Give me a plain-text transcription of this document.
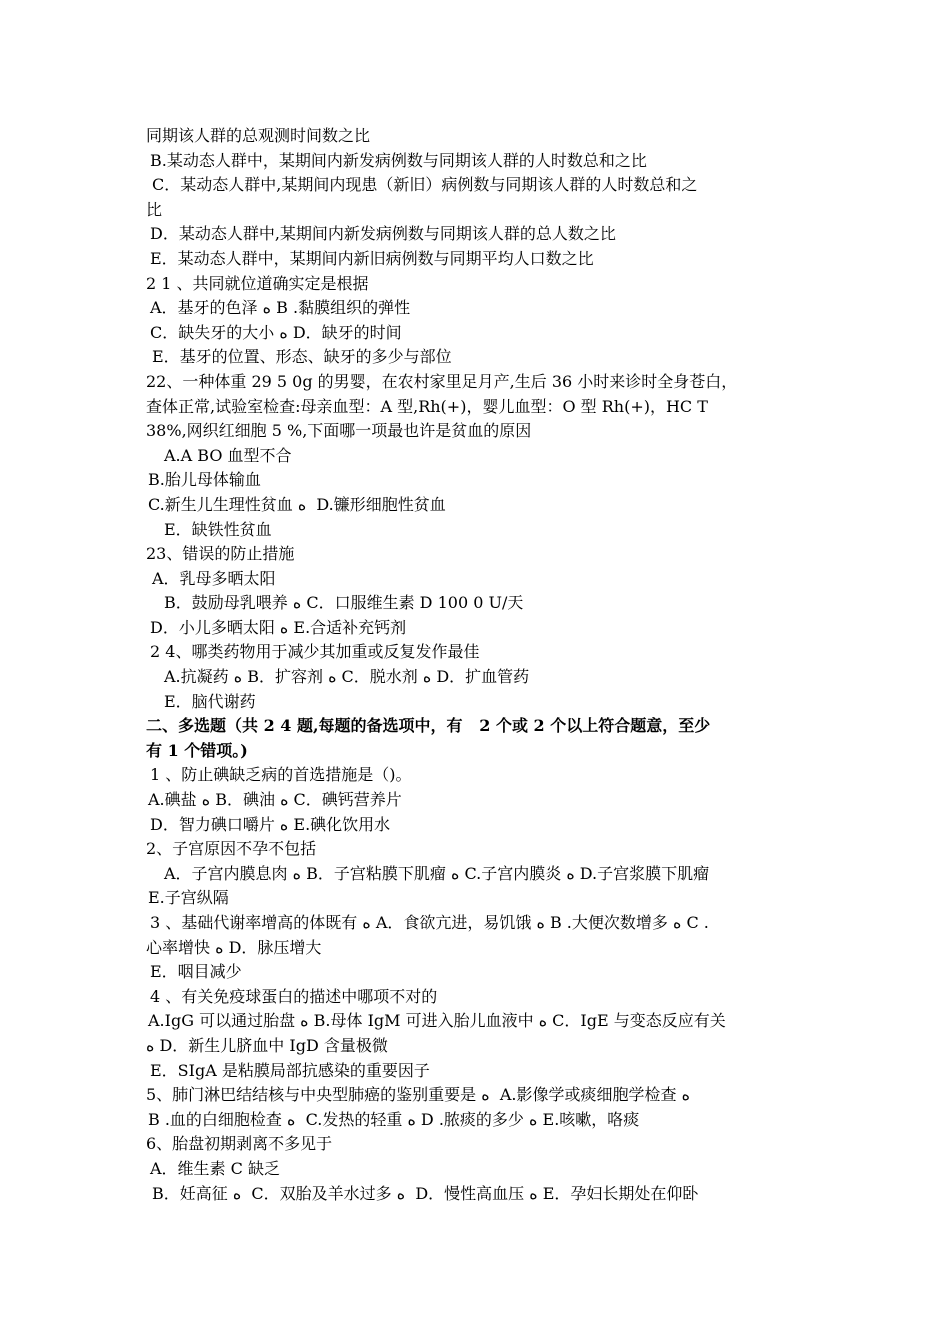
同期该人群的总观测时间数之比
B.某动态人群中，某期间内新发病例数与同期该人群的人时数总和之比
C．某动态人群中,某期间内现患（新旧）病例数与同期该人群的人时数总和之
比
D．某动态人群中,某期间内新发病例数与同期该人群的总人数之比
E．某动态人群中，某期间内新旧病例数与同期平均人口数之比
2 1 、共同就位道确实定是根据
A．基牙的色泽 ﻩ B .黏膜组织的弹性
C．缺失牙的大小 ﻩ D．缺牙的时间
E．基牙的位置、形态、缺牙的多少与部位
22、一种体重 29 5 0g 的男婴，在农村家里足月产,生后 36 小时来诊时全身苍白，
查体正常,试验室检查:母亲血型：A 型,Rh(+)，婴儿血型：O 型 Rh(+)，HC T
38%,网织红细胞 5 %,下面哪一项最也许是贫血的原因
A.A BO 血型不合
B.胎儿母体输血
C.新生儿生理性贫血 ﻩ  D.镰形细胞性贫血
E．缺铁性贫血
23、错误的防止措施
A．乳母多晒太阳
B．鼓励母乳喂养 ﻩ C．口服维生素 D 100 0 U/天
D．小儿多晒太阳 ﻩ E.合适补充钙剂
2 4、哪类药物用于减少其加重或反复发作最佳
A.抗凝药 ﻩ B．扩容剂 ﻩ C．脱水剂 ﻩ D．扩血管药
E．脑代谢药
二、多选题（共 2 4 题,每题的备选项中，有   2 个或 2 个以上符合题意，至少
有 1 个错项。)
1 、防止碘缺乏病的首选措施是（)。
A.碘盐 ﻩ B．碘油 ﻩ C．碘钙营养片
D．智力碘口嚼片 ﻩ E.碘化饮用水
2、子宫原因不孕不包括
A．子宫内膜息肉 ﻩ B．子宫粘膜下肌瘤 ﻩ C.子宫内膜炎 ﻩ D.子宫浆膜下肌瘤
E.子宫纵隔
3 、基础代谢率增高的体既有 ﻩ A．食欲亢进，易饥饿 ﻩ B .大便次数增多 ﻩ C .
心率增快 ﻩ D．脉压增大
E．咽目减少
4 、有关免疫球蛋白的描述中哪项不对的
A.IgG 可以通过胎盘 ﻩ B.母体 IgM 可进入胎儿血液中 ﻩ C．IgE 与变态反应有关
ﻩ D．新生儿脐血中 IgD 含量极微
E．SIgA 是粘膜局部抗感染的重要因子
5、肺门淋巴结结核与中央型肺癌的鉴别重要是 ﻩ  A.影像学或痰细胞学检查 ﻩ
B .血的白细胞检查 ﻩ  C.发热的轻重 ﻩ D .脓痰的多少 ﻩ E.咳嗽，咯痰
6、胎盘初期剥离不多见于
A．维生素 C 缺乏
B．妊高征 ﻩ  C．双胎及羊水过多 ﻩ  D．慢性高血压 ﻩ E．孕妇长期处在仰卧
